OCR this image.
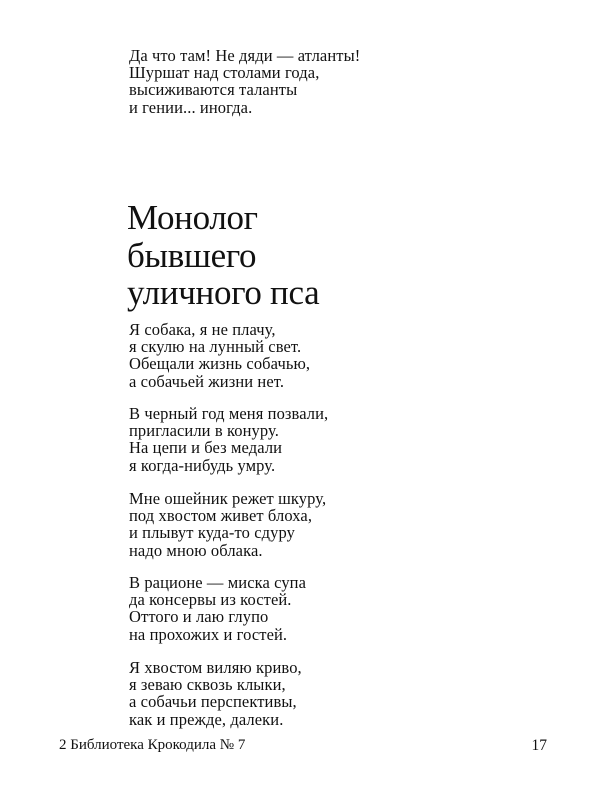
Да что там! Не дяди — атланты!
Шуршат над столами года,
высиживаются таланты
и гении... иногда.
Монолог
бывшего
уличного пса
Я собака, я не плачу,
я скулю на лунный свет.
Обещали жизнь собачью,
а собачьей жизни нет.
В черный год меня позвали,
пригласили в конуру.
На цепи и без медали
я когда-нибудь умру.
Мне ошейник режет шкуру,
под хвостом живет блоха,
и плывут куда-то сдуру
надо мною облака.
В рационе — миска супа
да консервы из костей.
Оттого и лаю глупо
на прохожих и гостей.
Я хвостом виляю криво,
я зеваю сквозь клыки,
а собачьи перспективы,
как и прежде, далеки.
2 Библиотека Крокодила № 7	17
